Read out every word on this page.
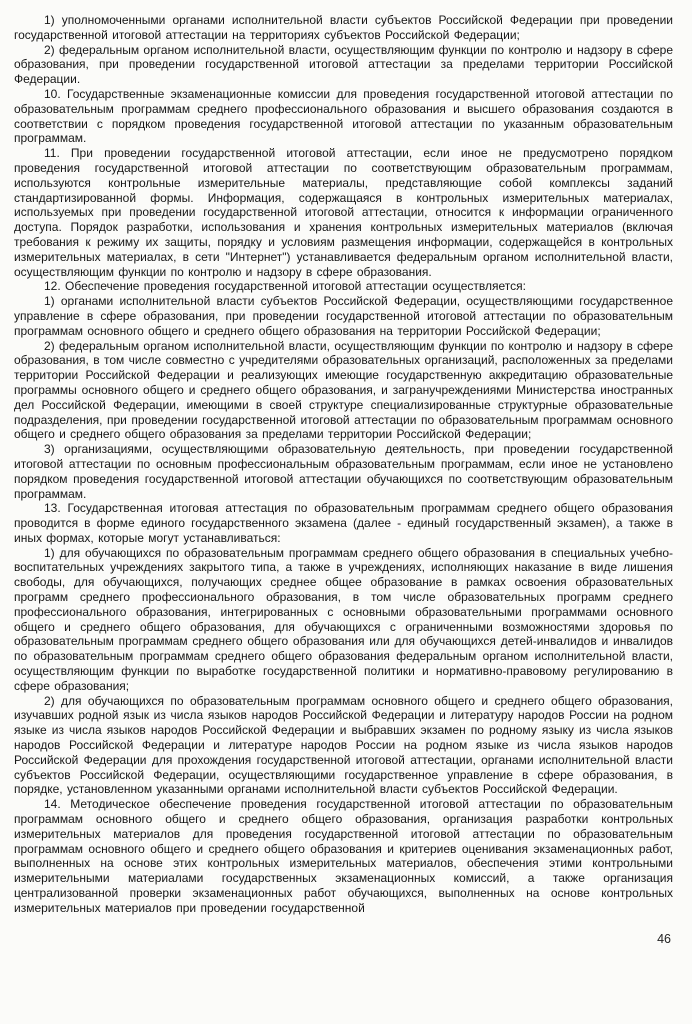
1) уполномоченными органами исполнительной власти субъектов Российской Федерации при проведении государственной итоговой аттестации на территориях субъектов Российской Федерации;

2) федеральным органом исполнительной власти, осуществляющим функции по контролю и надзору в сфере образования, при проведении государственной итоговой аттестации за пределами территории Российской Федерации.

10. Государственные экзаменационные комиссии для проведения государственной итоговой аттестации по образовательным программам среднего профессионального образования и высшего образования создаются в соответствии с порядком проведения государственной итоговой аттестации по указанным образовательным программам.

11. При проведении государственной итоговой аттестации, если иное не предусмотрено порядком проведения государственной итоговой аттестации по соответствующим образовательным программам, используются контрольные измерительные материалы, представляющие собой комплексы заданий стандартизированной формы. Информация, содержащаяся в контрольных измерительных материалах, используемых при проведении государственной итоговой аттестации, относится к информации ограниченного доступа. Порядок разработки, использования и хранения контрольных измерительных материалов (включая требования к режиму их защиты, порядку и условиям размещения информации, содержащейся в контрольных измерительных материалах, в сети "Интернет") устанавливается федеральным органом исполнительной власти, осуществляющим функции по контролю и надзору в сфере образования.

12. Обеспечение проведения государственной итоговой аттестации осуществляется:

1) органами исполнительной власти субъектов Российской Федерации, осуществляющими государственное управление в сфере образования, при проведении государственной итоговой аттестации по образовательным программам основного общего и среднего общего образования на территории Российской Федерации;

2) федеральным органом исполнительной власти, осуществляющим функции по контролю и надзору в сфере образования, в том числе совместно с учредителями образовательных организаций, расположенных за пределами территории Российской Федерации и реализующих имеющие государственную аккредитацию образовательные программы основного общего и среднего общего образования, и загранучреждениями Министерства иностранных дел Российской Федерации, имеющими в своей структуре специализированные структурные образовательные подразделения, при проведении государственной итоговой аттестации по образовательным программам основного общего и среднего общего образования за пределами территории Российской Федерации;

3) организациями, осуществляющими образовательную деятельность, при проведении государственной итоговой аттестации по основным профессиональным образовательным программам, если иное не установлено порядком проведения государственной итоговой аттестации обучающихся по соответствующим образовательным программам.

13. Государственная итоговая аттестация по образовательным программам среднего общего образования проводится в форме единого государственного экзамена (далее - единый государственный экзамен), а также в иных формах, которые могут устанавливаться:

1) для обучающихся по образовательным программам среднего общего образования в специальных учебно-воспитательных учреждениях закрытого типа, а также в учреждениях, исполняющих наказание в виде лишения свободы, для обучающихся, получающих среднее общее образование в рамках освоения образовательных программ среднего профессионального образования, в том числе образовательных программ среднего профессионального образования, интегрированных с основными образовательными программами основного общего и среднего общего образования, для обучающихся с ограниченными возможностями здоровья по образовательным программам среднего общего образования или для обучающихся детей-инвалидов и инвалидов по образовательным программам среднего общего образования федеральным органом исполнительной власти, осуществляющим функции по выработке государственной политики и нормативно-правовому регулированию в сфере образования;

2) для обучающихся по образовательным программам основного общего и среднего общего образования, изучавших родной язык из числа языков народов Российской Федерации и литературу народов России на родном языке из числа языков народов Российской Федерации и выбравших экзамен по родному языку из числа языков народов Российской Федерации и литературе народов России на родном языке из числа языков народов Российской Федерации для прохождения государственной итоговой аттестации, органами исполнительной власти субъектов Российской Федерации, осуществляющими государственное управление в сфере образования, в порядке, установленном указанными органами исполнительной власти субъектов Российской Федерации.

14. Методическое обеспечение проведения государственной итоговой аттестации по образовательным программам основного общего и среднего общего образования, организация разработки контрольных измерительных материалов для проведения государственной итоговой аттестации по образовательным программам основного общего и среднего общего образования и критериев оценивания экзаменационных работ, выполненных на основе этих контрольных измерительных материалов, обеспечения этими контрольными измерительными материалами государственных экзаменационных комиссий, а также организация централизованной проверки экзаменационных работ обучающихся, выполненных на основе контрольных измерительных материалов при проведении государственной

46
